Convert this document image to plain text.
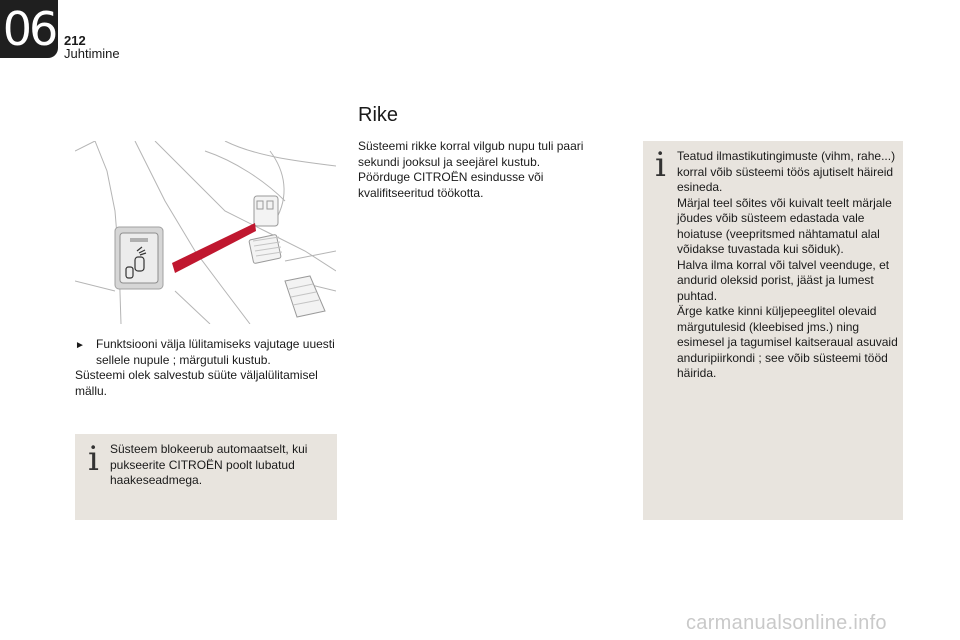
06 212
Juhtimine
► Funktsiooni välja lülitamiseks vajutage uuesti sellele nupule ; märgutuli kustub.
Süsteemi olek salvestub süüte väljalülitamisel mällu.
i Süsteem blokeerub automaatselt, kui pukseerite CITROËN poolt lubatud haakeseadmega.
Rike
Süsteemi rikke korral vilgub nupu tuli paari sekundi jooksul ja seejärel kustub.
Pöörduge CITROËN esindusse või kvalifitseeritud töökotta.
i Teatud ilmastikutingimuste (vihm, rahe...) korral võib süsteemi töös ajutiselt häireid esineda.
Märjal teel sõites või kuivalt teelt märjale jõudes võib süsteem edastada vale hoiatuse (veepritsmed nähtamatul alal võidakse tuvastada kui sõiduk).
Halva ilma korral või talvel veenduge, et andurid oleksid porist, jääst ja lumest puhtad.
Ärge katke kinni küljepeeglitel olevaid märgutulesid (kleebised jms.) ning esimesel ja tagumisel kaitseraual asuvaid anduripiirkondi ; see võib süsteemi tööd häirida.
carmanualsonline.info
